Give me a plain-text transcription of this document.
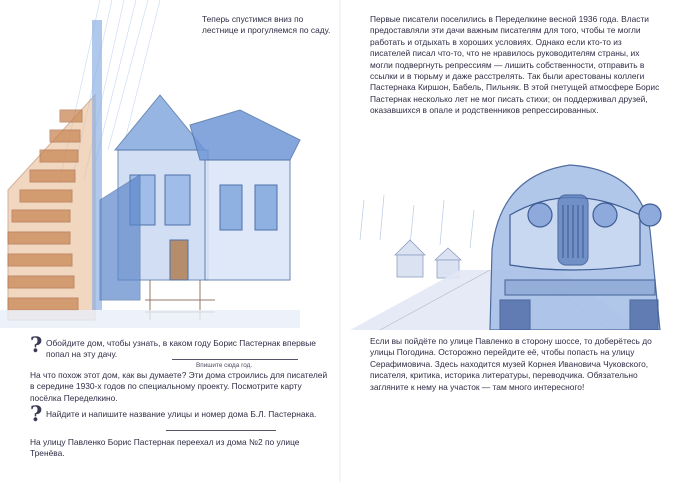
Теперь спустимся вниз по лестнице и прогуляемся по саду.
? Обойдите дом, чтобы узнать, в каком году Борис Пастернак впервые попал на эту дачу.
Впишите сюда год.
На что похож этот дом, как вы думаете? Эти дома строились для писателей в середине 1930-х годов по специальному проекту. Посмотрите карту посёлка Переделкино.
? Найдите и напишите название улицы и номер дома Б.Л. Пастернака.
На улицу Павленко Борис Пастернак переехал из дома №2 по улице Тренёва.
Первые писатели поселились в Переделкине весной 1936 года. Власти предоставляли эти дачи важным писателям для того, чтобы те могли работать и отдыхать в хороших условиях. Однако если кто-то из писателей писал что-то, что не нравилось руководителям страны, их могли подвергнуть репрессиям — лишить собственности, отправить в ссылки и в тюрьму и даже расстрелять. Так были арестованы коллеги Пастернака Киршон, Бабель, Пильняк. В этой гнетущей атмосфере Борис Пастернак несколько лет не мог писать стихи; он поддерживал друзей, оказавшихся в опале и родственников репрессированных.
Если вы пойдёте по улице Павленко в сторону шоссе, то доберётесь до улицы Погодина. Осторожно перейдите её, чтобы попасть на улицу Серафимовича. Здесь находится музей Корнея Ивановича Чуковского, писателя, критика, историка литературы, переводчика. Обязательно загляните к нему на участок — там много интересного!
